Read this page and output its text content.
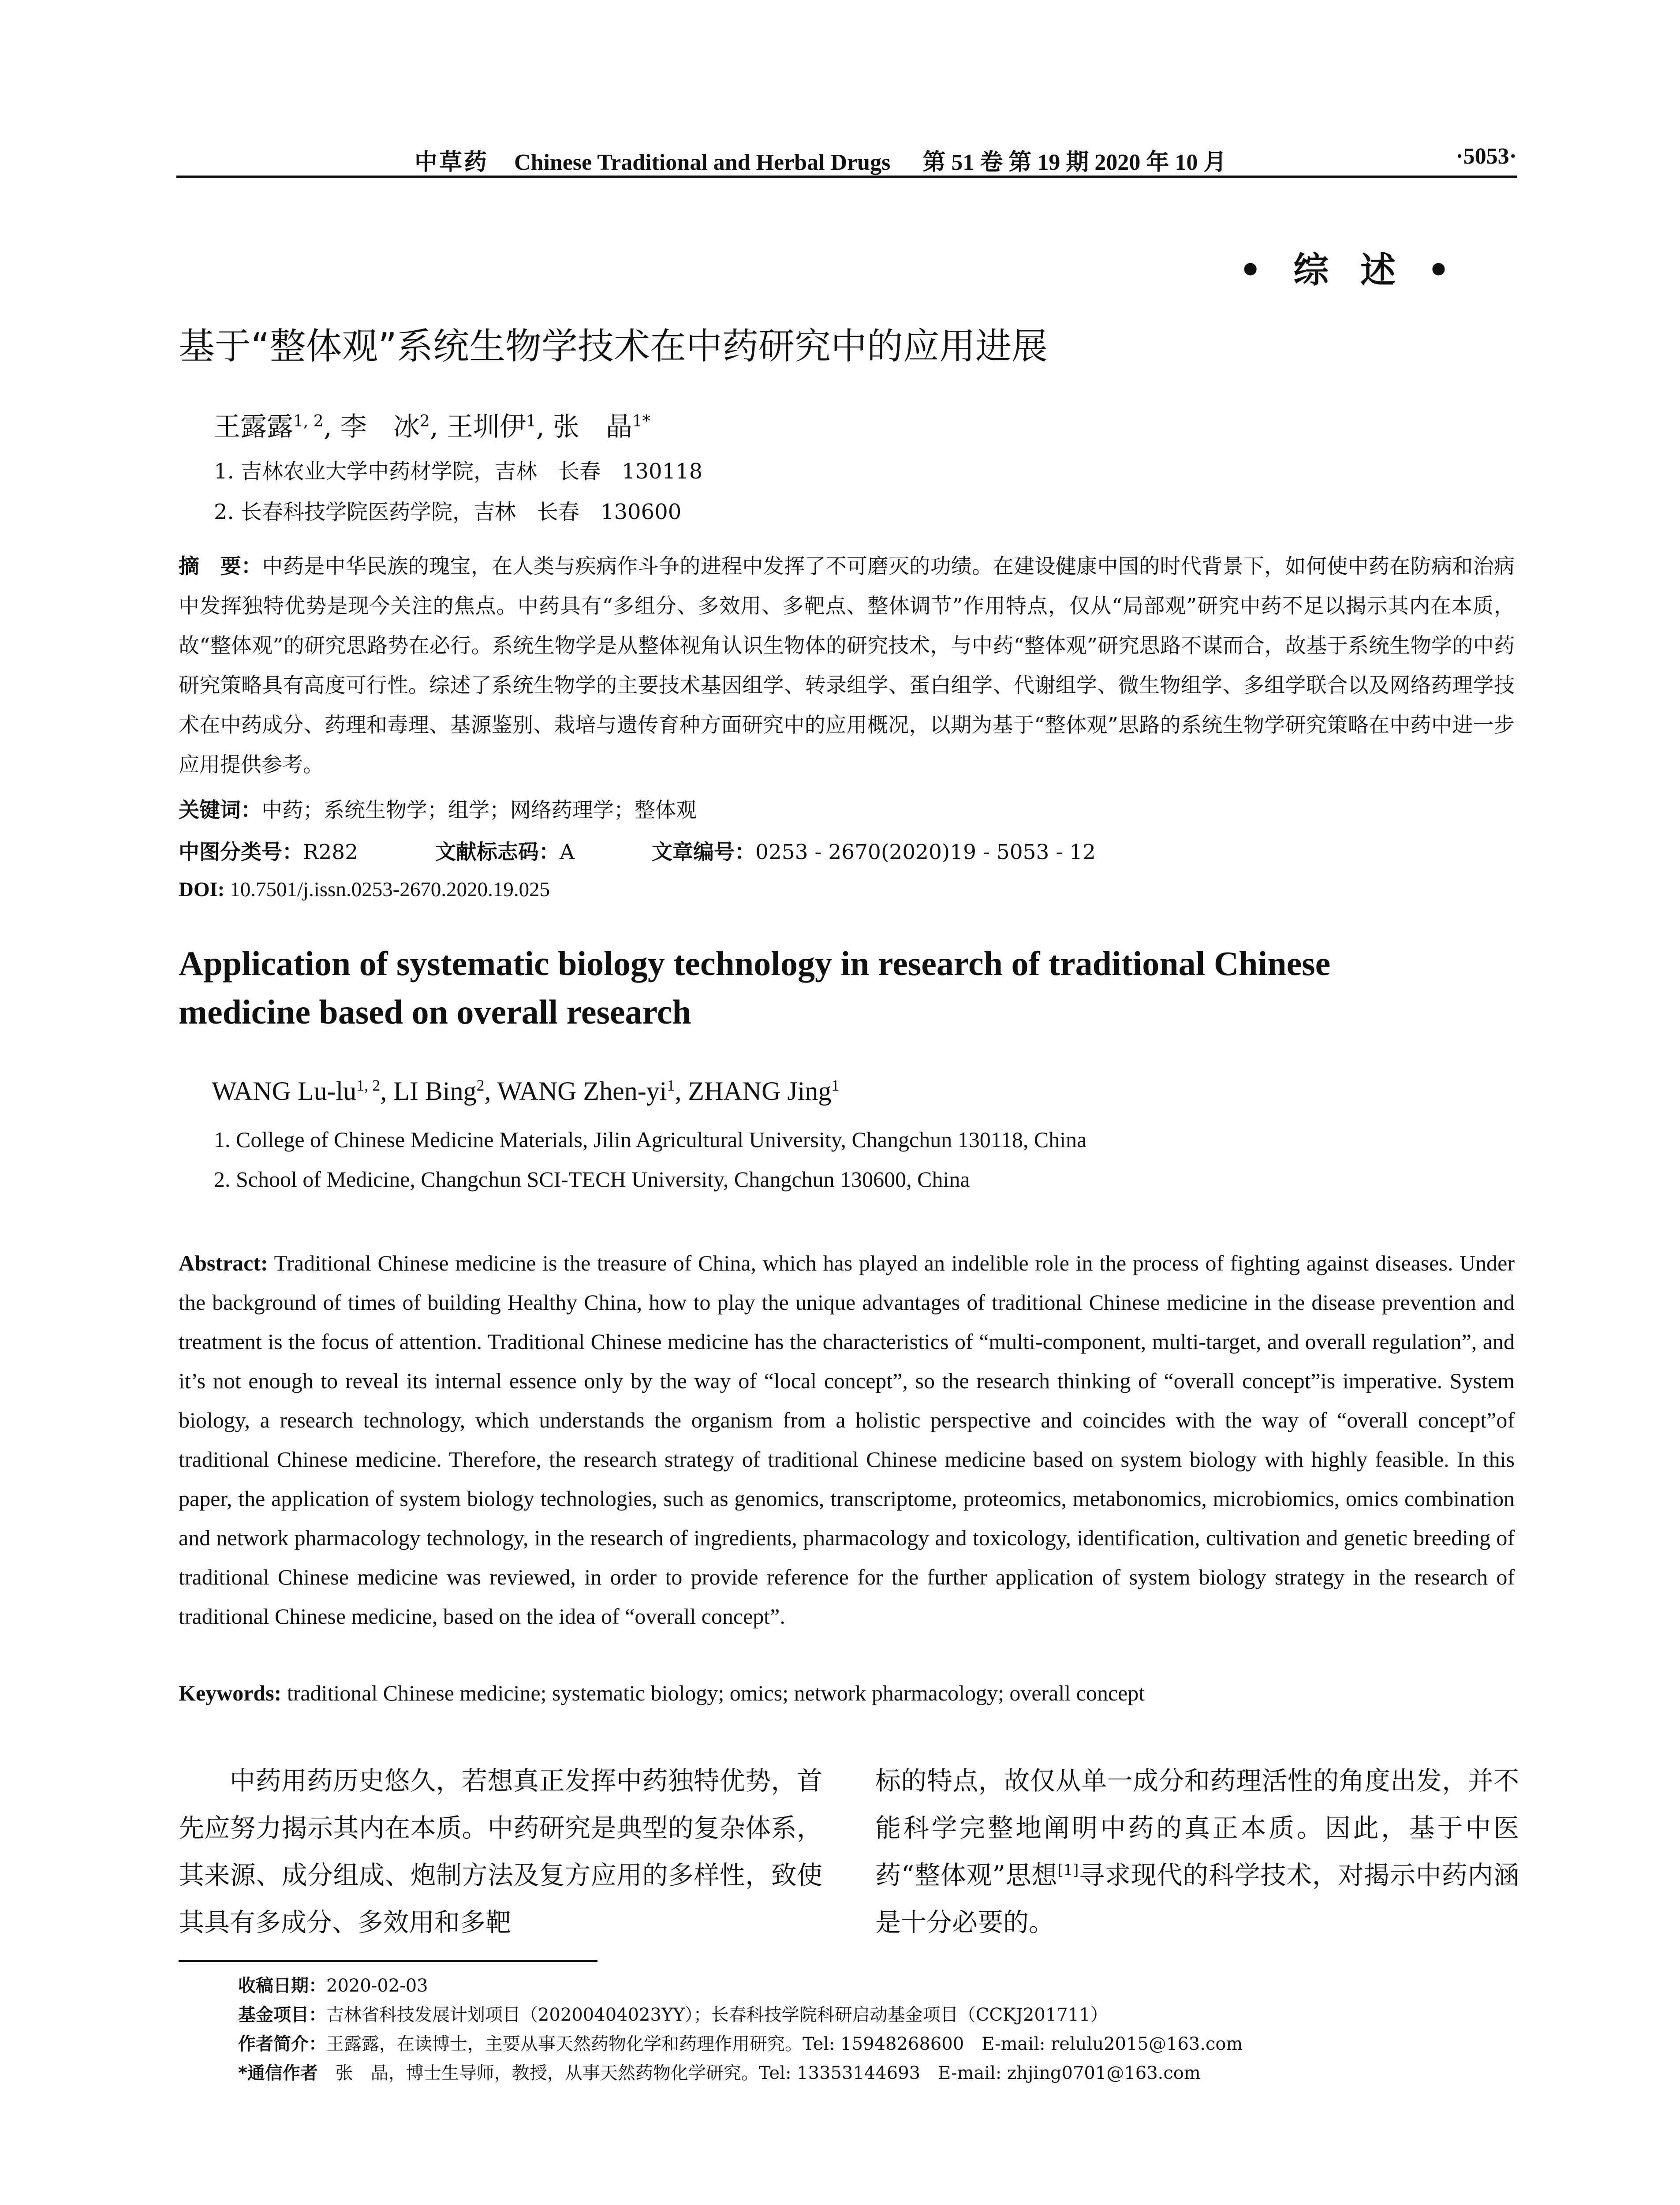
中草药 Chinese Traditional and Herbal Drugs 第 51 卷 第 19 期 2020 年 10 月	·5053·
• 综 述 •
基于“整体观”系统生物学技术在中药研究中的应用进展
王露露$^{1, 2}$, 李　冰$^2$, 王圳伊$^1$, 张　晶$^{1*}$
1. 吉林农业大学中药材学院，吉林　长春　130118
2. 长春科技学院医药学院，吉林　长春　130600
摘　要：中药是中华民族的瑰宝，在人类与疾病作斗争的进程中发挥了不可磨灭的功绩。在建设健康中国的时代背景下，如何使中药在防病和治病中发挥独特优势是现今关注的焦点。中药具有“多组分、多效用、多靶点、整体调节”作用特点，仅从“局部观”研究中药不足以揭示其内在本质，故“整体观”的研究思路势在必行。系统生物学是从整体视角认识生物体的研究技术，与中药“整体观”研究思路不谋而合，故基于系统生物学的中药研究策略具有高度可行性。综述了系统生物学的主要技术基因组学、转录组学、蛋白组学、代谢组学、微生物组学、多组学联合以及网络药理学技术在中药成分、药理和毒理、基源鉴别、栽培与遗传育种方面研究中的应用概况，以期为基于“整体观”思路的系统生物学研究策略在中药中进一步应用提供参考。
关键词：中药；系统生物学；组学；网络药理学；整体观
中图分类号：R282	文献标志码：A	文章编号：0253 - 2670(2020)19 - 5053 - 12
DOI: 10.7501/j.issn.0253-2670.2020.19.025
Application of systematic biology technology in research of traditional Chinese
medicine based on overall research
WANG Lu-lu$^{1, 2}$, LI Bing$^2$, WANG Zhen-$yi^1$, ZHANG Jing$^1$
1. College of Chinese Medicine Materials, Jilin Agricultural University, Changchun 130118, China
2. School of Medicine, Changchun SCI-TECH University, Changchun 130600, China
Abstract: Traditional Chinese medicine is the treasure of China, which has played an indelible role in the process of fighting against diseases. Under the background of times of building Healthy China, how to play the unique advantages of traditional Chinese medicine in the disease prevention and treatment is the focus of attention. Traditional Chinese medicine has the characteristics of “multi-component, multi-target, and overall regulation”, and it’s not enough to reveal its internal essence only by the way of “local concept”, so the research thinking of “overall concept”is imperative. System biology, a research technology, which understands the organism from a holistic perspective and coincides with the way of “overall concept”of traditional Chinese medicine. Therefore, the research strategy of traditional Chinese medicine based on system biology with highly feasible. In this paper, the application of system biology technologies, such as genomics, transcriptome, proteomics, metabonomics, microbiomics, omics combination and network pharmacology technology, in the research of ingredients, pharmacology and toxicology, identification, cultivation and genetic breeding of traditional Chinese medicine was reviewed, in order to provide reference for the further application of system biology strategy in the research of traditional Chinese medicine, based on the idea of “overall concept”.
Keywords: traditional Chinese medicine; systematic biology; omics; network pharmacology; overall concept
中药用药历史悠久，若想真正发挥中药独特优势，首先应努力揭示其内在本质。中药研究是典型的复杂体系，其来源、成分组成、炮制方法及复方应用的多样性，致使其具有多成分、多效用和多靶
标的特点，故仅从单一成分和药理活性的角度出发，并不能科学完整地阐明中药的真正本质。因此，基于中医药“整体观”思想[1]寻求现代的科学技术，对揭示中药内涵是十分必要的。
收稿日期：2020-02-03
基金项目：吉林省科技发展计划项目（20200404023YY）；长春科技学院科研启动基金项目（CCKJ201711）
作者简介：王露露，在读博士，主要从事天然药物化学和药理作用研究。Tel: 15948268600　E-mail: relulu2015@163.com
*通信作者　张　晶，博士生导师，教授，从事天然药物化学研究。Tel: 13353144693　E-mail: zhjing0701@163.com
